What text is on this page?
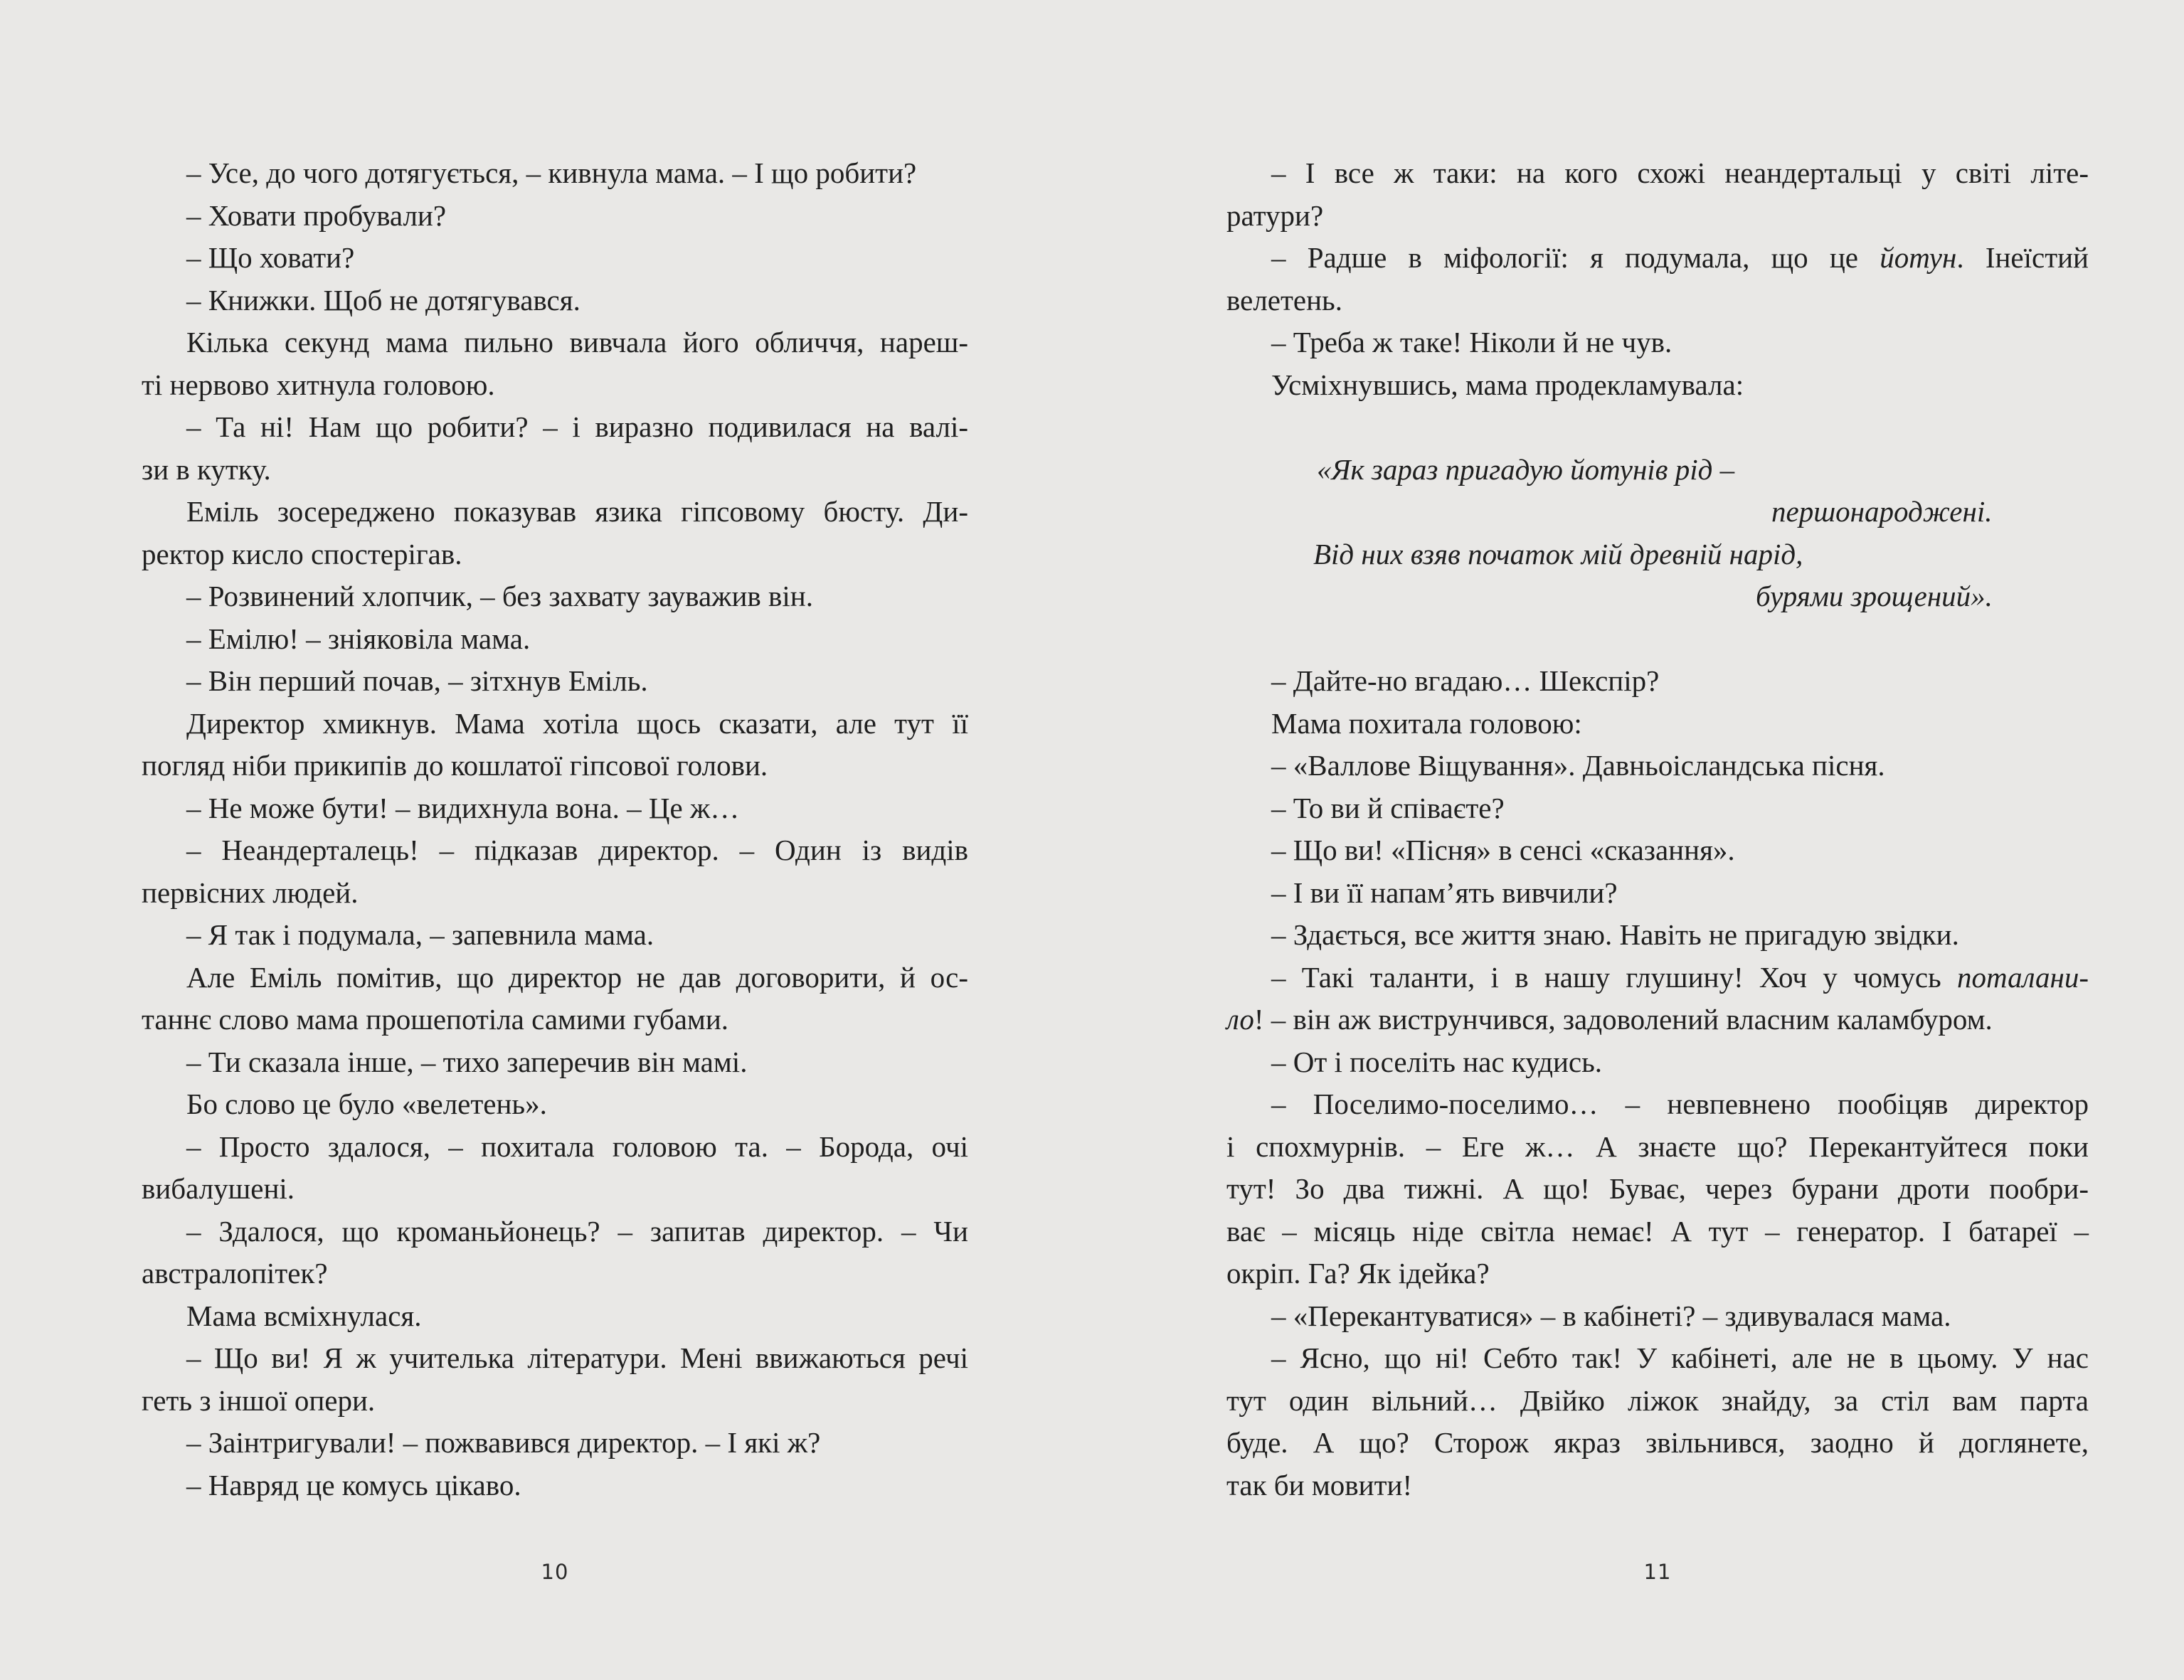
– Усе, до чого дотягується, – кивнула мама. – І що робити?
– Ховати пробували?
– Що ховати?
– Книжки. Щоб не дотягувався.
Кілька секунд мама пильно вивчала його обличчя, нареш-
ті нервово хитнула головою.
– Та ні! Нам що робити? – і виразно подивилася на валі-
зи в кутку.
Еміль зосереджено показував язика гіпсовому бюсту. Ди-
ректор кисло спостерігав.
– Розвинений хлопчик, – без захвату зауважив він.
– Емілю! – зніяковіла мама.
– Він перший почав, – зітхнув Еміль.
Директор хмикнув. Мама хотіла щось сказати, але тут її
погляд ніби прикипів до кошлатої гіпсової голови.
– Не може бути! – видихнула вона. – Це ж…
– Неандерталець! – підказав директор. – Один із видів
первісних людей.
– Я так і подумала, – запевнила мама.
Але Еміль помітив, що директор не дав договорити, й ос-
таннє слово мама прошепотіла самими губами.
– Ти сказала інше, – тихо заперечив він мамі.
Бо слово це було «велетень».
– Просто здалося, – похитала головою та. – Борода, очі
вибалушені.
– Здалося, що кроманьйонець? – запитав директор. – Чи
австралопітек?
Мама всміхнулася.
– Що ви! Я ж учителька літератури. Мені ввижаються речі
геть з іншої опери.
– Заінтригували! – пожвавився директор. – І які ж?
– Навряд це комусь цікаво.
– І все ж таки: на кого схожі неандертальці у світі літе-
ратури?
– Радше в міфології: я подумала, що це йотун. Інеїстий
велетень.
– Треба ж таке! Ніколи й не чув.
Усміхнувшись, мама продекламувала:
«Як зараз пригадую йотунів рід –
першонароджені.
Від них взяв початок мій древній нарід,
бурями зрощений».
– Дайте-но вгадаю… Шекспір?
Мама похитала головою:
– «Валлове Віщування». Давньоісландська пісня.
– То ви й співаєте?
– Що ви! «Пісня» в сенсі «сказання».
– І ви її напам’ять вивчили?
– Здається, все життя знаю. Навіть не пригадую звідки.
– Такі таланти, і в нашу глушину! Хоч у чомусь поталани-
ло! – він аж виструнчився, задоволений власним каламбуром.
– От і поселіть нас кудись.
– Поселимо-поселимо… – невпевнено пообіцяв директор
і спохмурнів. – Еге ж… А знаєте що? Перекантуйтеся поки
тут! Зо два тижні. А що! Буває, через бурани дроти пообри-
ває – місяць ніде світла немає! А тут – генератор. І батареї –
окріп. Га? Як ідейка?
– «Перекантуватися» – в кабінеті? – здивувалася мама.
– Ясно, що ні! Себто так! У кабінеті, але не в цьому. У нас
тут один вільний… Двійко ліжок знайду, за стіл вам парта
буде. А що? Сторож якраз звільнився, заодно й доглянете,
так би мовити!
10	11
